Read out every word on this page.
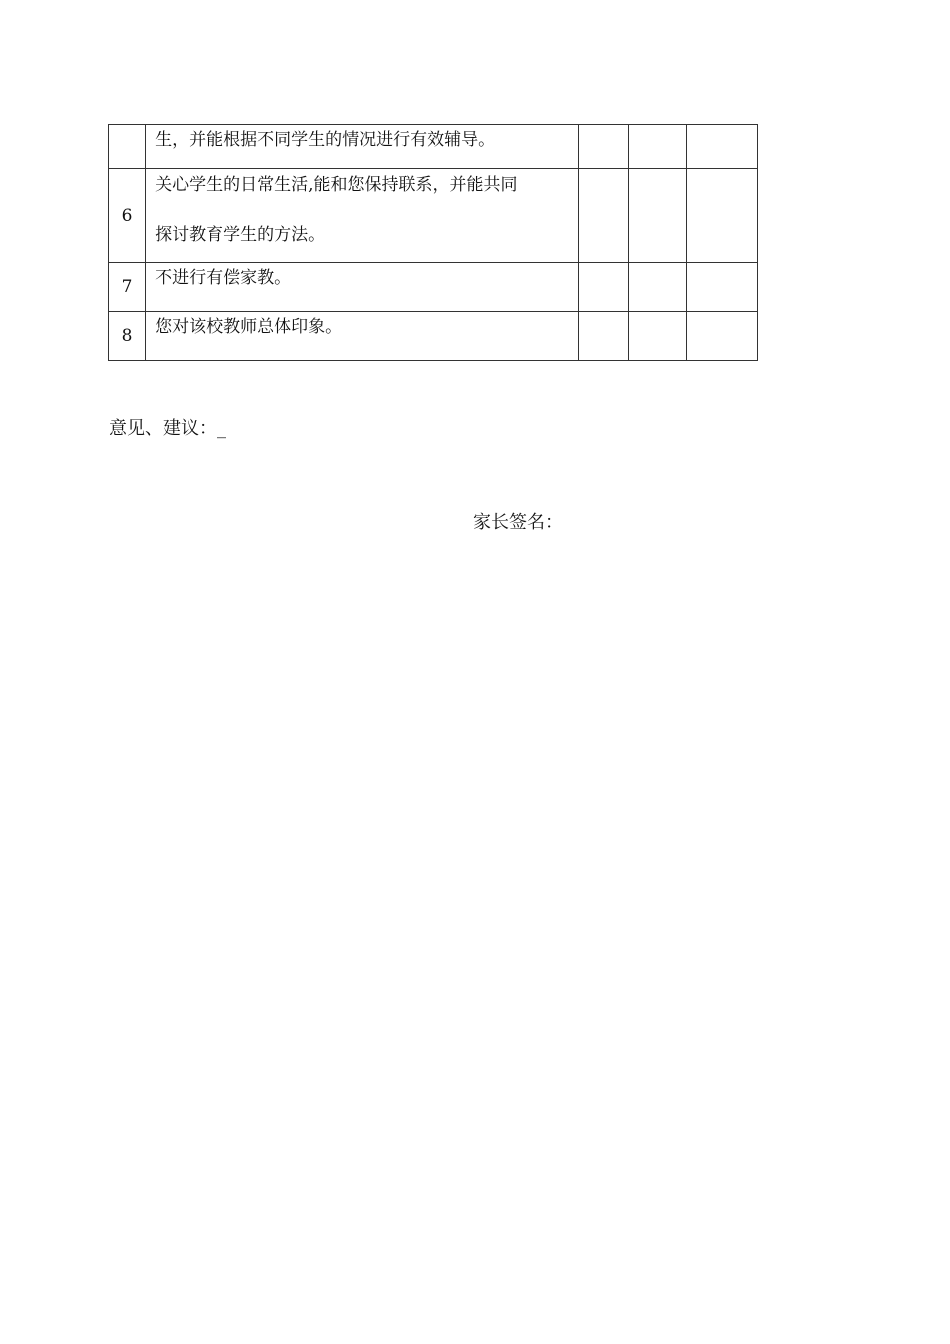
	生，并能根据不同学生的情况进行有效辅导。			
6	关心学生的日常生活,能和您保持联系，并能共同
探讨教育学生的方法。			

7	不进行有偿家教。			
8	您对该校教师总体印象。			
意见、建议：_
家长签名：
